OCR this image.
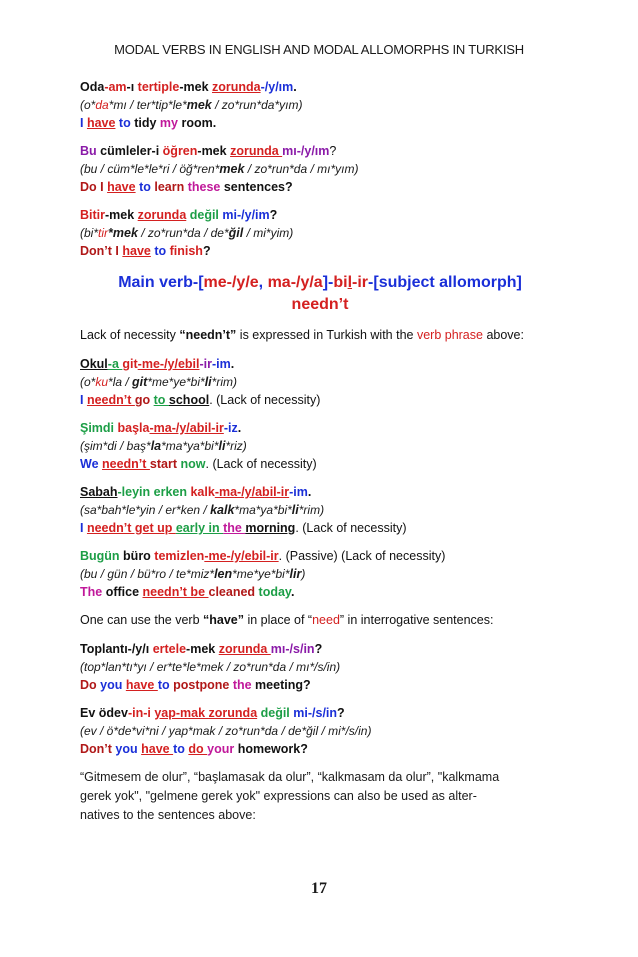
MODAL VERBS IN ENGLISH AND MODAL ALLOMORPHS IN TURKISH
Oda-am-ı tertiple-mek zorunda-/y/ım.
(o*da*mı / ter*tip*le*mek / zo*run*da*yım)
I have to tidy my room.
Bu cümleler-i öğren-mek zorunda mı-/y/ım?
(bu / cüm*le*le*ri / öğ*ren*mek / zo*run*da / mı*yım)
Do I have to learn these sentences?
Bitir-mek zorunda değil mi-/y/im?
(bi*tir*mek / zo*run*da / de*ğil / mi*yim)
Don’t I have to finish?
Main verb-[me-/y/e, ma-/y/a]-bil-ir-[subject allomorph]
needn’t
Lack of necessity “needn’t” is expressed in Turkish with the verb phrase above:
Okul-a git-me-/y/ebil-ir-im.
(o*ku*la / git*me*ye*bi*li*rim)
I needn’t go to school. (Lack of necessity)
Şimdi başla-ma-/y/abil-ir-iz.
(şim*di / baş*la*ma*ya*bi*li*riz)
We needn’t start now. (Lack of necessity)
Sabah-leyin erken kalk-ma-/y/abil-ir-im.
(sa*bah*le*yin / er*ken / kalk*ma*ya*bi*li*rim)
I needn’t get up early in the morning. (Lack of necessity)
Bugün büro temizlen-me-/y/ebil-ir. (Passive) (Lack of necessity)
(bu / gün / bü*ro / te*miz*len*me*ye*bi*lir)
The office needn’t be cleaned today.
One can use the verb “have” in place of “need” in interrogative sentences:
Toplantı-/y/ı ertele-mek zorunda mı-/s/in?
(top*lan*tı*yı / er*te*le*mek / zo*run*da / mı*/s/in)
Do you have to postpone the meeting?
Ev ödev-in-i yap-mak zorunda değil mi-/s/in?
(ev / ö*de*vi*ni / yap*mak / zo*run*da / de*ğil / mi*/s/in)
Don’t you have to do your homework?
“Gitmesem de olur”, “başlamasak da olur”, “kalkmasam da olur”, "kalkmama
gerek yok", "gelmene gerek yok" expressions can also be used as alter-
natives to the sentences above:
17
